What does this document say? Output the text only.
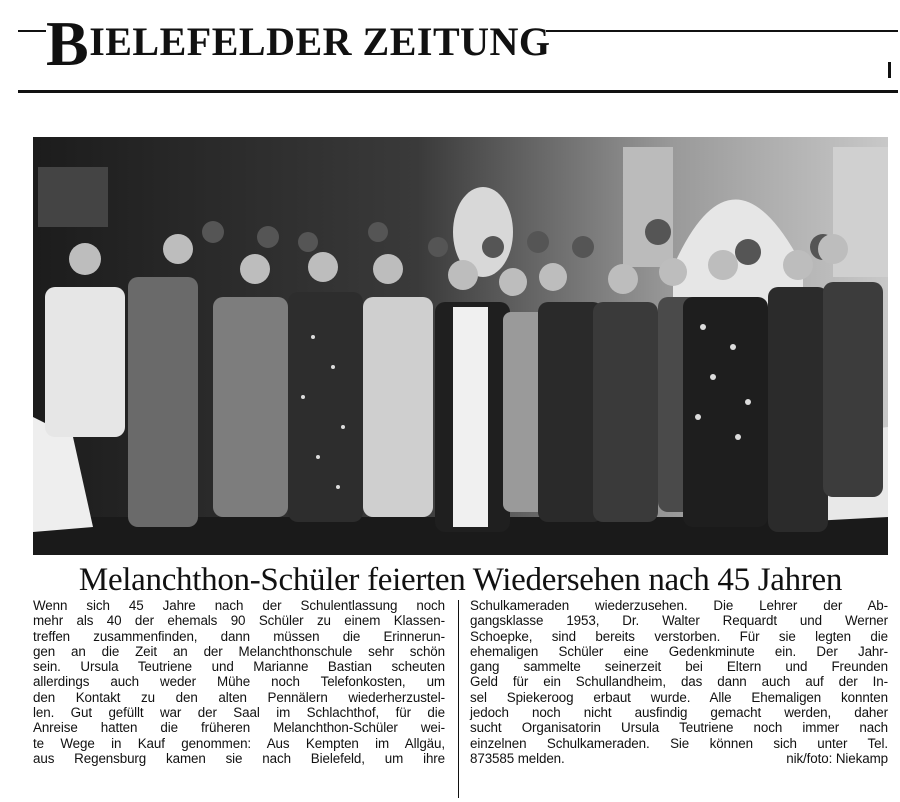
BIELEFELDER ZEITUNG
Melanchthon-Schüler feierten Wiedersehen nach 45 Jahren
Wenn sich 45 Jahre nach der Schulentlassung noch
mehr als 40 der ehemals 90 Schüler zu einem Klassen-
treffen zusammenfinden, dann müssen die Erinnerun-
gen an die Zeit an der Melanchthonschule sehr schön
sein. Ursula Teutriene und Marianne Bastian scheuten
allerdings auch weder Mühe noch Telefonkosten, um
den Kontakt zu den alten Pennälern wiederherzustel-
len. Gut gefüllt war der Saal im Schlachthof, für die
Anreise hatten die früheren Melanchthon-Schüler wei-
te Wege in Kauf genommen: Aus Kempten im Allgäu,
aus Regensburg kamen sie nach Bielefeld, um ihre
Schulkameraden wiederzusehen. Die Lehrer der Ab-
gangsklasse 1953, Dr. Walter Requardt und Werner
Schoepke, sind bereits verstorben. Für sie legten die
ehemaligen Schüler eine Gedenkminute ein. Der Jahr-
gang sammelte seinerzeit bei Eltern und Freunden
Geld für ein Schullandheim, das dann auch auf der In-
sel Spiekeroog erbaut wurde. Alle Ehemaligen konnten
jedoch noch nicht ausfindig gemacht werden, daher
sucht Organisatorin Ursula Teutriene noch immer nach
einzelnen Schulkameraden. Sie können sich unter Tel.
873585 melden.	nik/foto: Niekamp
